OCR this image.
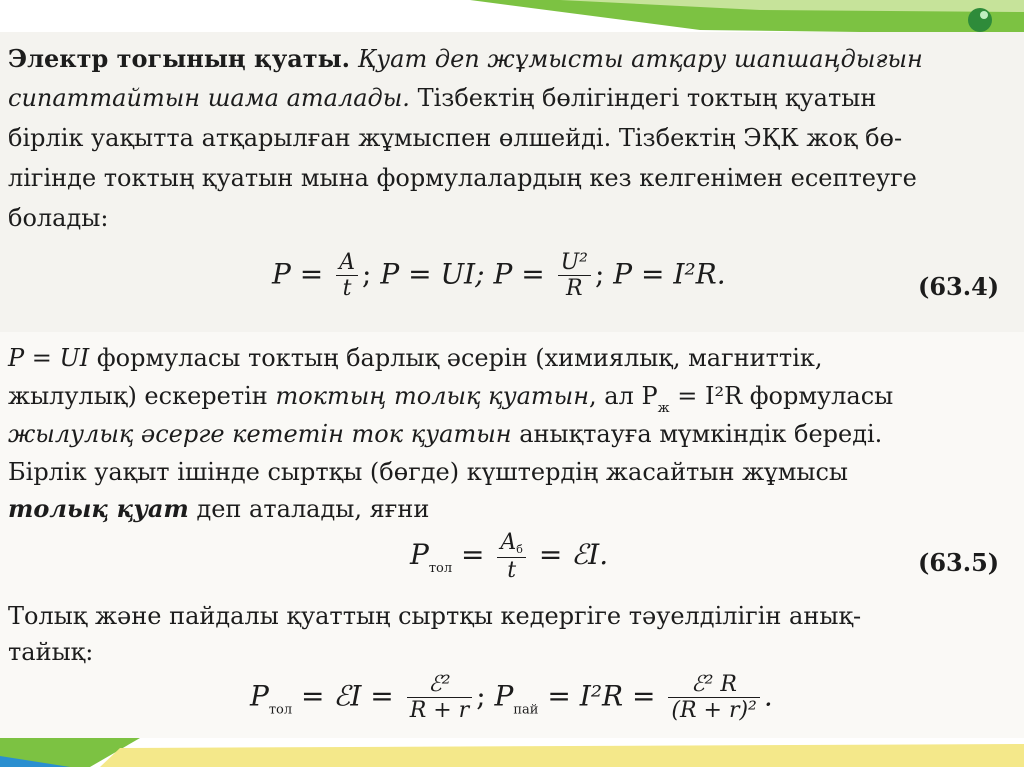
Электр тогының қуаты. Қуат деп жұмысты атқару шапшаңдығын
сипаттайтын шама аталады. Тізбектің бөлігіндегі токтың қуатын
бірлік уақытта атқарылған жұмыспен өлшейді. Тізбектің ЭҚК жоқ бө-
лігінде токтың қуатын мына формулалардың кез келгенімен есептеуге
болады:
$P = \frac{A}{t}$ ; P = UI; $P = \frac{\text{U²}}{R}$ ; P = I²R.	(63.4)
P = UI формуласы токтың барлық әсерін (химиялық, магниттік,
жылулық) ескеретін токтың толық қуатын, ал $P_ж = I^2R$ формуласы
жылулық әсерге кететін ток қуатын анықтауға мүмкіндік береді.
Бірлік уақыт ішінде сыртқы (бөгде) күштердің жасайтын жұмысы
толық қуат деп аталады, яғни
$P_{тол} = \frac{A_б}{t}$ = ℰI.	(63.5)
Толық және пайдалы қуаттың сыртқы кедергіге тәуелділігін анық-
тайық:
$P_{тол}$ = ℰI = $\frac{\text{ℰ²}}{R + r}$ ; $P_{пай} = I^2R = \frac{\text{ℰ² R}}{\text{(R + r)²}}$ .
